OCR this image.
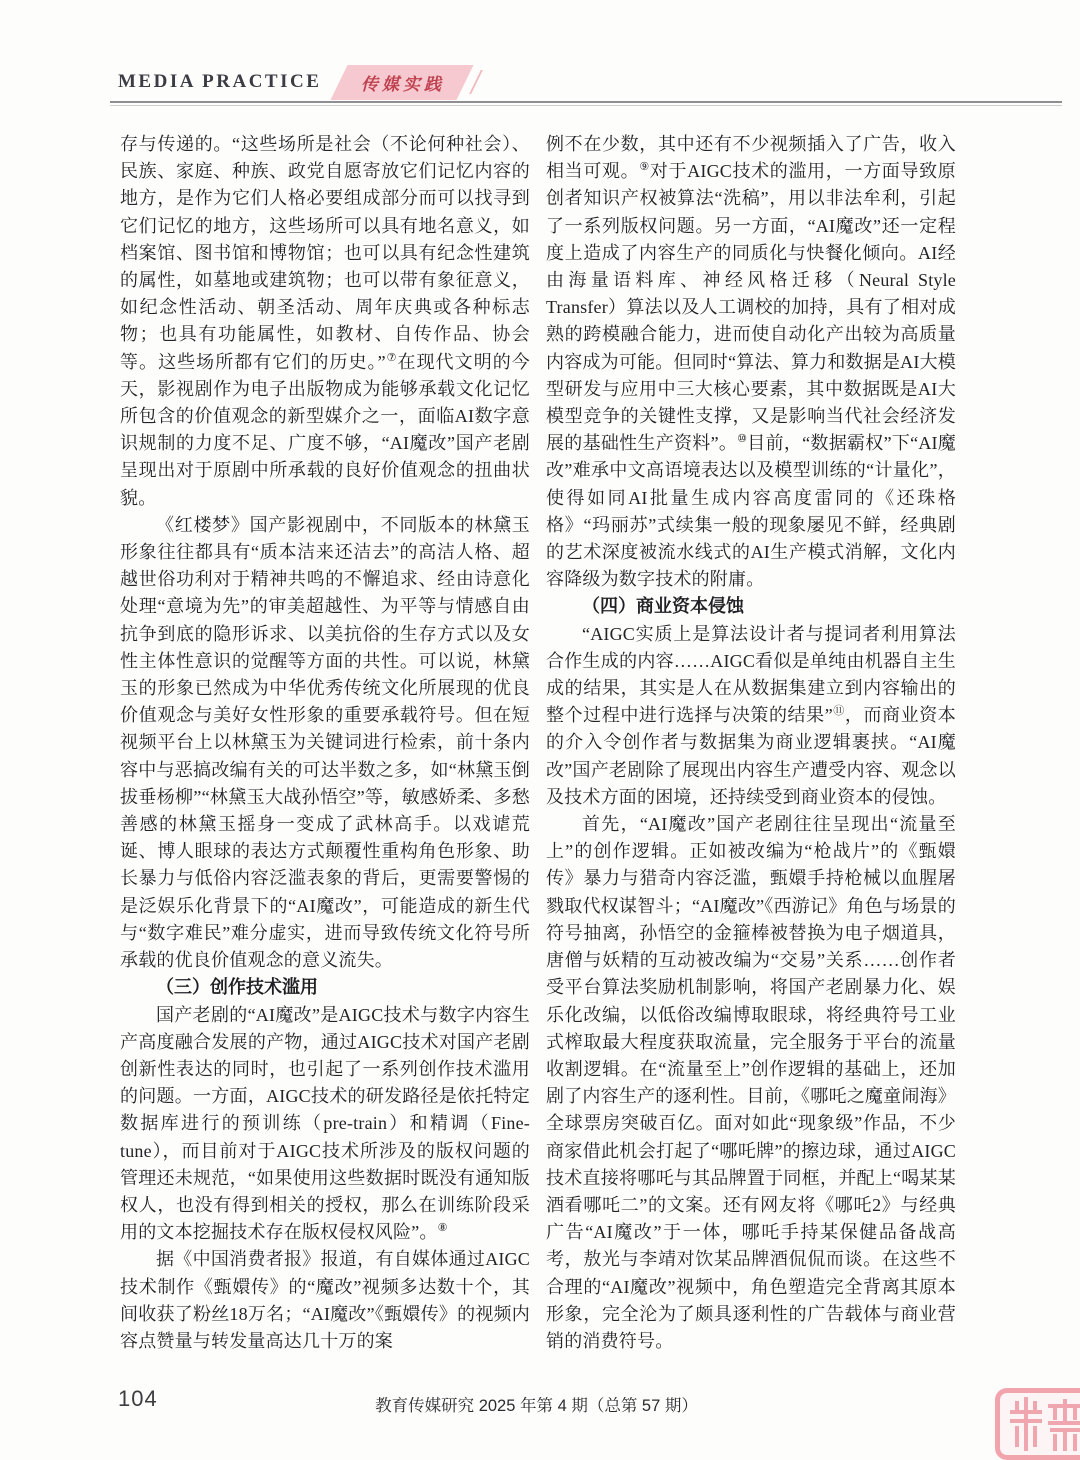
MEDIA PRACTICE	传媒实践

存与传递的。“这些场所是社会（不论何种社会）、民族、家庭、种族、政党自愿寄放它们记忆内容的地方，是作为它们人格必要组成部分而可以找寻到它们记忆的地方，这些场所可以具有地名意义，如档案馆、图书馆和博物馆；也可以具有纪念性建筑的属性，如墓地或建筑物；也可以带有象征意义，如纪念性活动、朝圣活动、周年庆典或各种标志物；也具有功能属性，如教材、自传作品、协会等。这些场所都有它们的历史。”⑦在现代文明的今天，影视剧作为电子出版物成为能够承载文化记忆所包含的价值观念的新型媒介之一，面临AI数字意识规制的力度不足、广度不够，“AI魔改”国产老剧呈现出对于原剧中所承载的良好价值观念的扭曲状貌。

《红楼梦》国产影视剧中，不同版本的林黛玉形象往往都具有“质本洁来还洁去”的高洁人格、超越世俗功利对于精神共鸣的不懈追求、经由诗意化处理“意境为先”的审美超越性、为平等与情感自由抗争到底的隐形诉求、以美抗俗的生存方式以及女性主体性意识的觉醒等方面的共性。可以说，林黛玉的形象已然成为中华优秀传统文化所展现的优良价值观念与美好女性形象的重要承载符号。但在短视频平台上以林黛玉为关键词进行检索，前十条内容中与恶搞改编有关的可达半数之多，如“林黛玉倒拔垂杨柳”“林黛玉大战孙悟空”等，敏感娇柔、多愁善感的林黛玉摇身一变成了武林高手。以戏谑荒诞、博人眼球的表达方式颠覆性重构角色形象、助长暴力与低俗内容泛滥表象的背后，更需要警惕的是泛娱乐化背景下的“AI魔改”，可能造成的新生代与“数字难民”难分虚实，进而导致传统文化符号所承载的优良价值观念的意义流失。

（三）创作技术滥用

国产老剧的“AI魔改”是AIGC技术与数字内容生产高度融合发展的产物，通过AIGC技术对国产老剧创新性表达的同时，也引起了一系列创作技术滥用的问题。一方面，AIGC技术的研发路径是依托特定数据库进行的预训练（pre-train）和精调（Fine-tune），而目前对于AIGC技术所涉及的版权问题的管理还未规范，“如果使用这些数据时既没有通知版权人，也没有得到相关的授权，那么在训练阶段采用的文本挖掘技术存在版权侵权风险”。⑧

据《中国消费者报》报道，有自媒体通过AIGC技术制作《甄嬛传》的“魔改”视频多达数十个，其间收获了粉丝18万名；“AI魔改”《甄嬛传》的视频内容点赞量与转发量高达几十万的案

例不在少数，其中还有不少视频插入了广告，收入相当可观。⑨对于AIGC技术的滥用，一方面导致原创者知识产权被算法“洗稿”，用以非法牟利，引起了一系列版权问题。另一方面，“AI魔改”还一定程度上造成了内容生产的同质化与快餐化倾向。AI经由海量语料库、神经风格迁移（Neural Style Transfer）算法以及人工调校的加持，具有了相对成熟的跨模融合能力，进而使自动化产出较为高质量内容成为可能。但同时“算法、算力和数据是AI大模型研发与应用中三大核心要素，其中数据既是AI大模型竞争的关键性支撑，又是影响当代社会经济发展的基础性生产资料”。⑩目前，“数据霸权”下“AI魔改”难承中文高语境表达以及模型训练的“计量化”，使得如同AI批量生成内容高度雷同的《还珠格格》“玛丽苏”式续集一般的现象屡见不鲜，经典剧的艺术深度被流水线式的AI生产模式消解，文化内容降级为数字技术的附庸。

（四）商业资本侵蚀

“AIGC实质上是算法设计者与提词者利用算法合作生成的内容……AIGC看似是单纯由机器自主生成的结果，其实是人在从数据集建立到内容输出的整个过程中进行选择与决策的结果”⑪，而商业资本的介入令创作者与数据集为商业逻辑裹挟。“AI魔改”国产老剧除了展现出内容生产遭受内容、观念以及技术方面的困境，还持续受到商业资本的侵蚀。

首先，“AI魔改”国产老剧往往呈现出“流量至上”的创作逻辑。正如被改编为“枪战片”的《甄嬛传》暴力与猎奇内容泛滥，甄嬛手持枪械以血腥屠戮取代权谋智斗；“AI魔改”《西游记》角色与场景的符号抽离，孙悟空的金箍棒被替换为电子烟道具，唐僧与妖精的互动被改编为“交易”关系……创作者受平台算法奖励机制影响，将国产老剧暴力化、娱乐化改编，以低俗改编博取眼球，将经典符号工业式榨取最大程度获取流量，完全服务于平台的流量收割逻辑。在“流量至上”创作逻辑的基础上，还加剧了内容生产的逐利性。目前，《哪吒之魔童闹海》全球票房突破百亿。面对如此“现象级”作品，不少商家借此机会打起了“哪吒牌”的擦边球，通过AIGC技术直接将哪吒与其品牌置于同框，并配上“喝某某酒看哪吒二”的文案。还有网友将《哪吒2》与经典广告“AI魔改”于一体，哪吒手持某保健品备战高考，敖光与李靖对饮某品牌酒侃侃而谈。在这些不合理的“AI魔改”视频中，角色塑造完全背离其原本形象，完全沦为了颇具逐利性的广告载体与商业营销的消费符号。

104	教育传媒研究 2025 年第 4 期（总第 57 期）
